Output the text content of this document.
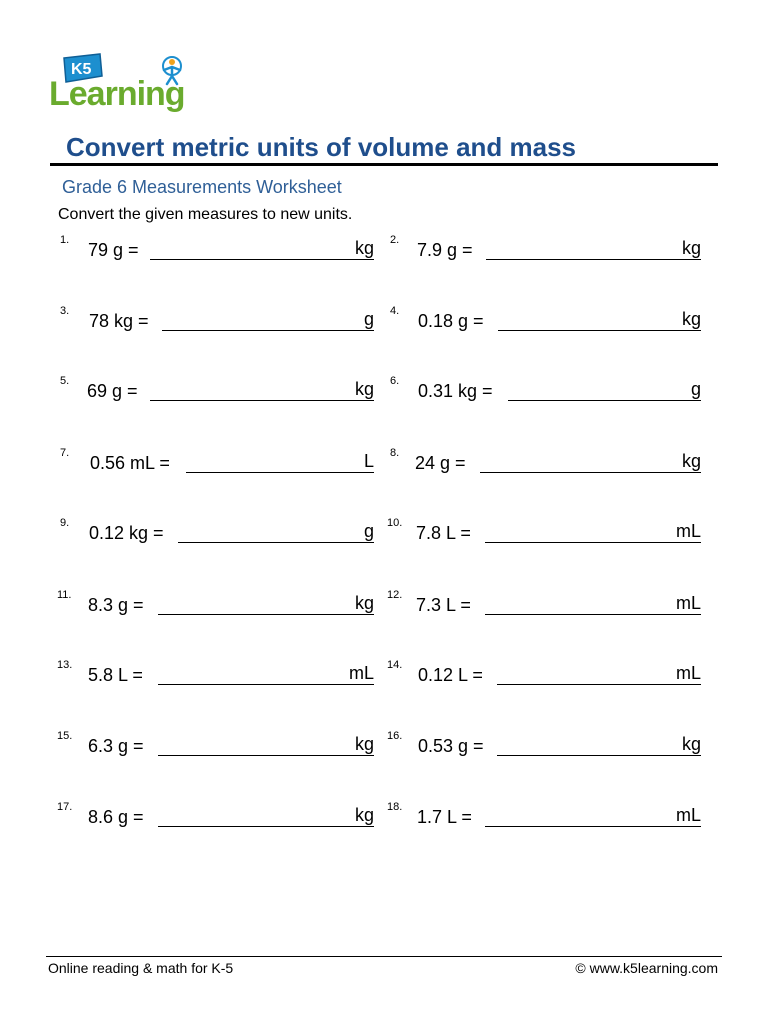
K5
Learning
Convert metric units of volume and mass
Grade 6 Measurements Worksheet
Convert the given measures to new units.
1. 79 g =	kg 2. 7.9 g =	kg
3. 78 kg =	g 4. 0.18 g =	kg
5. 69 g =	kg 6. 0.31 kg =	g
7. 0.56 mL =	L 8. 24 g =	kg
9. 0.12 kg =	g 10. 7.8 L =	mL
11. 8.3 g =	kg 12. 7.3 L =	mL
13. 5.8 L =	mL 14. 0.12 L =	mL
15. 6.3 g =	kg 16. 0.53 g =	kg
17. 8.6 g =	kg 18. 1.7 L =	mL
Online reading & math for K-5	© www.k5learning.com
